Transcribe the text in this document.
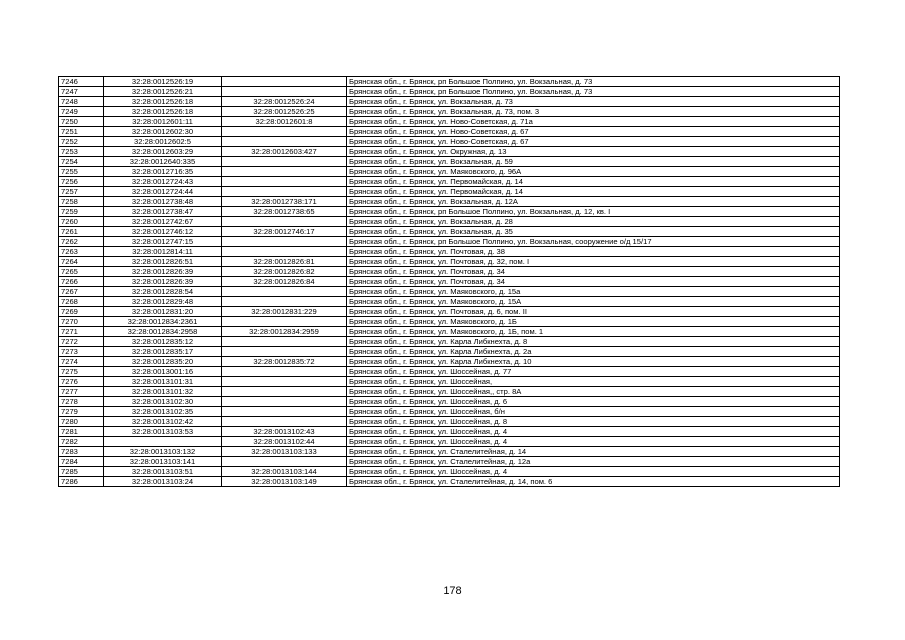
7246	32:28:0012526:19		Брянская обл., г. Брянск, рп Большое Полпино, ул. Вокзальная, д. 73
7247	32:28:0012526:21		Брянская обл., г. Брянск, рп Большое Полпино, ул. Вокзальная, д. 73
7248	32:28:0012526:18	32:28:0012526:24	Брянская обл., г. Брянск, ул. Вокзальная, д. 73
7249	32:28:0012526:18	32:28:0012526:25	Брянская обл., г. Брянск, ул. Вокзальная, д. 73, пом. 3
7250	32:28:0012601:11	32:28:0012601:8	Брянская обл., г. Брянск, ул. Ново-Советская, д. 71а
7251	32:28:0012602:30		Брянская обл., г. Брянск, ул. Ново-Советская, д. 67
7252	32:28:0012602:5		Брянская обл., г. Брянск, ул. Ново-Советская, д. 67
7253	32:28:0012603:29	32:28:0012603:427	Брянская обл., г. Брянск, ул. Окружная, д. 13
7254	32:28:0012640:335		Брянская обл., г. Брянск, ул. Вокзальная, д. 59
7255	32:28:0012716:35		Брянская обл., г. Брянск, ул. Маяковского, д. 96А
7256	32:28:0012724:43		Брянская обл., г. Брянск, ул. Первомайская, д. 14
7257	32:28:0012724:44		Брянская обл., г. Брянск, ул. Первомайская, д. 14
7258	32:28:0012738:48	32:28:0012738:171	Брянская обл., г. Брянск, ул. Вокзальная, д. 12А
7259	32:28:0012738:47	32:28:0012738:65	Брянская обл., г. Брянск, рп Большое Полпино, ул. Вокзальная, д. 12, кв. I
7260	32:28:0012742:67		Брянская обл., г. Брянск, ул. Вокзальная, д. 28
7261	32:28:0012746:12	32:28:0012746:17	Брянская обл., г. Брянск, ул. Вокзальная, д. 35
7262	32:28:0012747:15		Брянская обл., г. Брянск, рп Большое Полпино, ул. Вокзальная, сооружение о/д 15/17
7263	32:28:0012814:11		Брянская обл., г. Брянск, ул. Почтовая, д. 38
7264	32:28:0012826:51	32:28:0012826:81	Брянская обл., г. Брянск, ул. Почтовая, д. 32, пом. I
7265	32:28:0012826:39	32:28:0012826:82	Брянская обл., г. Брянск, ул. Почтовая, д. 34
7266	32:28:0012826:39	32:28:0012826:84	Брянская обл., г. Брянск, ул. Почтовая, д. 34
7267	32:28:0012828:54		Брянская обл., г. Брянск, ул. Маяковского, д. 15а
7268	32:28:0012829:48		Брянская обл., г. Брянск, ул. Маяковского, д. 15А
7269	32:28:0012831:20	32:28:0012831:229	Брянская обл., г. Брянск, ул. Почтовая, д. 6, пом. II
7270	32:28:0012834:2361		Брянская обл., г. Брянск, ул. Маяковского, д. 1Б
7271	32:28:0012834:2958	32:28:0012834:2959	Брянская обл., г. Брянск, ул. Маяковского, д. 1Б, пом. 1
7272	32:28:0012835:12		Брянская обл., г. Брянск, ул. Карла Либкнехта, д. 8
7273	32:28:0012835:17		Брянская обл., г. Брянск, ул. Карла Либкнехта, д. 2а
7274	32:28:0012835:20	32:28:0012835:72	Брянская обл., г. Брянск, ул. Карла Либкнехта, д. 10
7275	32:28:0013001:16		Брянская обл., г. Брянск, ул. Шоссейная, д. 77
7276	32:28:0013101:31		Брянская обл., г. Брянск, ул. Шоссейная,
7277	32:28:0013101:32		Брянская обл., г. Брянск, ул. Шоссейная,, стр. 8А
7278	32:28:0013102:30		Брянская обл., г. Брянск, ул. Шоссейная, д. 6
7279	32:28:0013102:35		Брянская обл., г. Брянск, ул. Шоссейная, б/н
7280	32:28:0013102:42		Брянская обл., г. Брянск, ул. Шоссейная, д. 8
7281	32:28:0013103:53	32:28:0013102:43	Брянская обл., г. Брянск, ул. Шоссейная, д. 4
7282		32:28:0013102:44	Брянская обл., г. Брянск, ул. Шоссейная, д. 4
7283	32:28:0013103:132	32:28:0013103:133	Брянская обл., г. Брянск, ул. Сталелитейная, д. 14
7284	32:28:0013103:141		Брянская обл., г. Брянск, ул. Сталелитейная, д. 12а
7285	32:28:0013103:51	32:28:0013103:144	Брянская обл., г. Брянск, ул. Шоссейная, д. 4
7286	32:28:0013103:24	32:28:0013103:149	Брянская обл., г. Брянск, ул. Сталелитейная, д. 14, пом. 6
178
